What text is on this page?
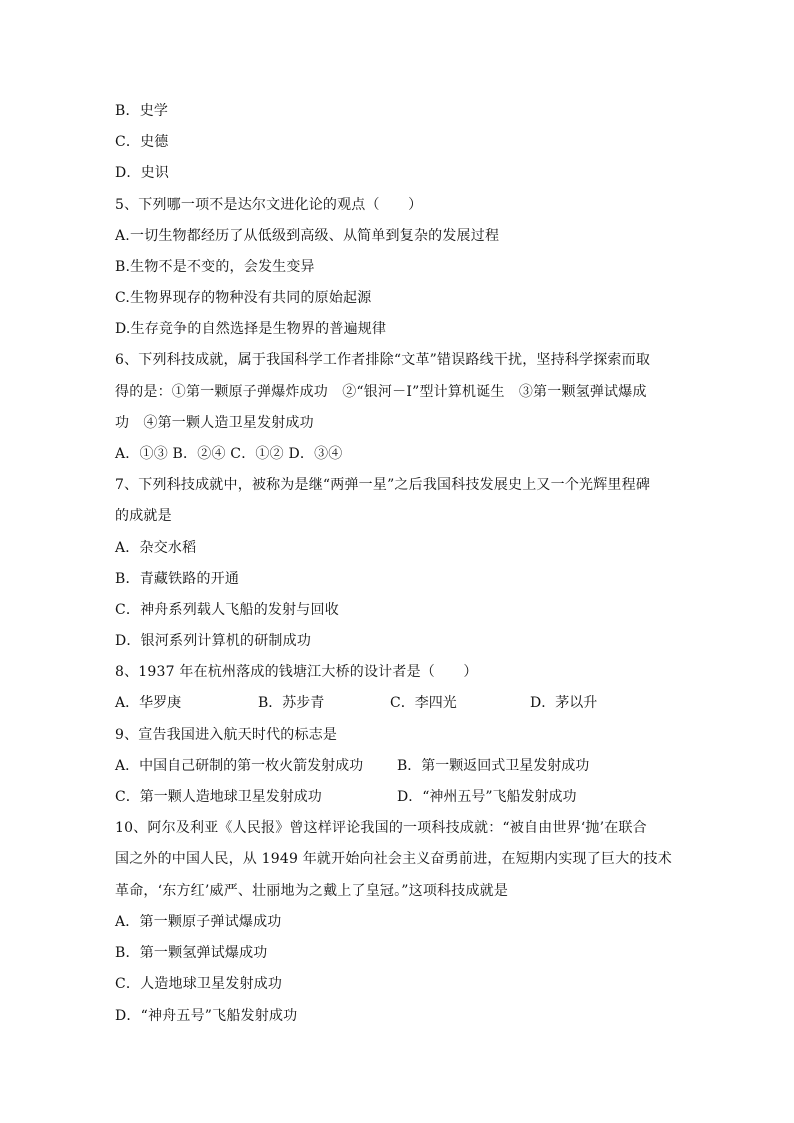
B．史学
C．史德
D．史识
5、下列哪一项不是达尔文进化论的观点（　　）
A.一切生物都经历了从低级到高级、从简单到复杂的发展过程
B.生物不是不变的，会发生变异
C.生物界现存的物种没有共同的原始起源
D.生存竞争的自然选择是生物界的普遍规律
6、下列科技成就，属于我国科学工作者排除“文革”错误路线干扰，坚持科学探索而取
得的是：①第一颗原子弹爆炸成功　②“银河－Ⅰ”型计算机诞生　③第一颗氢弹试爆成
功　④第一颗人造卫星发射成功
A．①③ B．②④ C．①② D．③④
7、下列科技成就中，被称为是继“两弹一星”之后我国科技发展史上又一个光辉里程碑
的成就是
A．杂交水稻
B．青藏铁路的开通
C．神舟系列载人飞船的发射与回收
D．银河系列计算机的研制成功
8、1937 年在杭州落成的钱塘江大桥的设计者是（　　）
A．华罗庚	B．苏步青	C．李四光	D．茅以升
9、宣告我国进入航天时代的标志是
A．中国自己研制的第一枚火箭发射成功 B．第一颗返回式卫星发射成功
C．第一颗人造地球卫星发射成功	D．“神州五号”飞船发射成功
10、阿尔及利亚《人民报》曾这样评论我国的一项科技成就：“被自由世界‘抛’在联合
国之外的中国人民，从 1949 年就开始向社会主义奋勇前进，在短期内实现了巨大的技术
革命，‘东方红’威严、壮丽地为之戴上了皇冠。”这项科技成就是
A．第一颗原子弹试爆成功
B．第一颗氢弹试爆成功
C．人造地球卫星发射成功
D．“神舟五号”飞船发射成功
